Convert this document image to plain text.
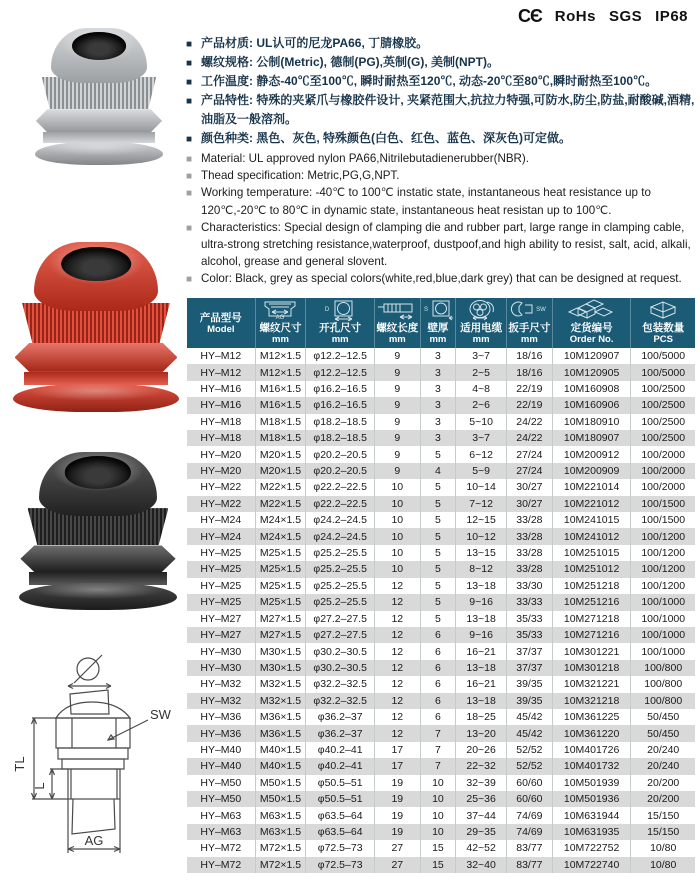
CЄ RoHs SGS IP68
SW
TL
L
AG
■ 产品材质: UL认可的尼龙PA66, 丁腈橡胶。
■ 螺纹规格: 公制(Metric), 德制(PG),英制(G), 美制(NPT)。
■ 工作温度: 静态-40℃至100℃, 瞬时耐热至120℃, 动态-20℃至80℃,瞬时耐热至100℃。
■ 产品特性: 特殊的夹紧爪与橡胶件设计, 夹紧范围大,抗拉力特强,可防水,防尘,防盐,耐酸碱,酒精,油脂及一般溶剂。
■ 颜色种类: 黑色、灰色, 特殊颜色(白色、红色、蓝色、深灰色)可定做。
■ Material: UL approved nylon PA66,Nitrilebutadienerubber(NBR).
■ Thead specification: Metric,PG,G,NPT.
■ Working temperature: -40℃ to 100℃ instatic state, instantaneous heat resistance up to 120℃,-20℃ to 80℃ in dynamic state, instantaneous heat resistan up to 100℃.
■ Characteristics: Special design of clamping die and rubber part, large range in clamping cable, ultra-strong stretching resistance,waterproof, dustpoof,and high ability to resist, salt, acid, alkali, alcohol, grease and general slovent.
■ Color: Black, grey as special colors(white,red,blue,dark grey) that can be designed at request.
产品型号
Model
AG
螺纹尺寸
mm
D
开孔尺寸
mm
螺纹长度
mm
S
壁厚
mm
适用电缆
mm
SW
扳手尺寸
mm
定货编号
Order No.
包装数量
PCS
HY–M12	M12×1.5	φ12.2–12.5	9	3	3~7	18/16	10M120907	100/5000
HY–M12	M12×1.5	φ12.2–12.5	9	3	2~5	18/16	10M120905	100/5000
HY–M16	M16×1.5	φ16.2–16.5	9	3	4~8	22/19	10M160908	100/2500
HY–M16	M16×1.5	φ16.2–16.5	9	3	2~6	22/19	10M160906	100/2500
HY–M18	M18×1.5	φ18.2–18.5	9	3	5~10	24/22	10M180910	100/2500
HY–M18	M18×1.5	φ18.2–18.5	9	3	3~7	24/22	10M180907	100/2500
HY–M20	M20×1.5	φ20.2–20.5	9	5	6~12	27/24	10M200912	100/2000
HY–M20	M20×1.5	φ20.2–20.5	9	4	5~9	27/24	10M200909	100/2000
HY–M22	M22×1.5	φ22.2–22.5	10	5	10~14	30/27	10M221014	100/2000
HY–M22	M22×1.5	φ22.2–22.5	10	5	7~12	30/27	10M221012	100/1500
HY–M24	M24×1.5	φ24.2–24.5	10	5	12~15	33/28	10M241015	100/1500
HY–M24	M24×1.5	φ24.2–24.5	10	5	10~12	33/28	10M241012	100/1200
HY–M25	M25×1.5	φ25.2–25.5	10	5	13~15	33/28	10M251015	100/1200
HY–M25	M25×1.5	φ25.2–25.5	10	5	8~12	33/28	10M251012	100/1200
HY–M25	M25×1.5	φ25.2–25.5	12	5	13~18	33/30	10M251218	100/1200
HY–M25	M25×1.5	φ25.2–25.5	12	5	9~16	33/33	10M251216	100/1000
HY–M27	M27×1.5	φ27.2–27.5	12	5	13~18	35/33	10M271218	100/1000
HY–M27	M27×1.5	φ27.2–27.5	12	6	9~16	35/33	10M271216	100/1000
HY–M30	M30×1.5	φ30.2–30.5	12	6	16~21	37/37	10M301221	100/1000
HY–M30	M30×1.5	φ30.2–30.5	12	6	13~18	37/37	10M301218	100/800
HY–M32	M32×1.5	φ32.2–32.5	12	6	16~21	39/35	10M321221	100/800
HY–M32	M32×1.5	φ32.2–32.5	12	6	13~18	39/35	10M321218	100/800
HY–M36	M36×1.5	φ36.2–37	12	6	18~25	45/42	10M361225	50/450
HY–M36	M36×1.5	φ36.2–37	12	7	13~20	45/42	10M361220	50/450
HY–M40	M40×1.5	φ40.2–41	17	7	20~26	52/52	10M401726	20/240
HY–M40	M40×1.5	φ40.2–41	17	7	22~32	52/52	10M401732	20/240
HY–M50	M50×1.5	φ50.5–51	19	10	32~39	60/60	10M501939	20/200
HY–M50	M50×1.5	φ50.5–51	19	10	25~36	60/60	10M501936	20/200
HY–M63	M63×1.5	φ63.5–64	19	10	37~44	74/69	10M631944	15/150
HY–M63	M63×1.5	φ63.5–64	19	10	29~35	74/69	10M631935	15/150
HY–M72	M72×1.5	φ72.5–73	27	15	42~52	83/77	10M722752	10/80
HY–M72	M72×1.5	φ72.5–73	27	15	32~40	83/77	10M722740	10/80
